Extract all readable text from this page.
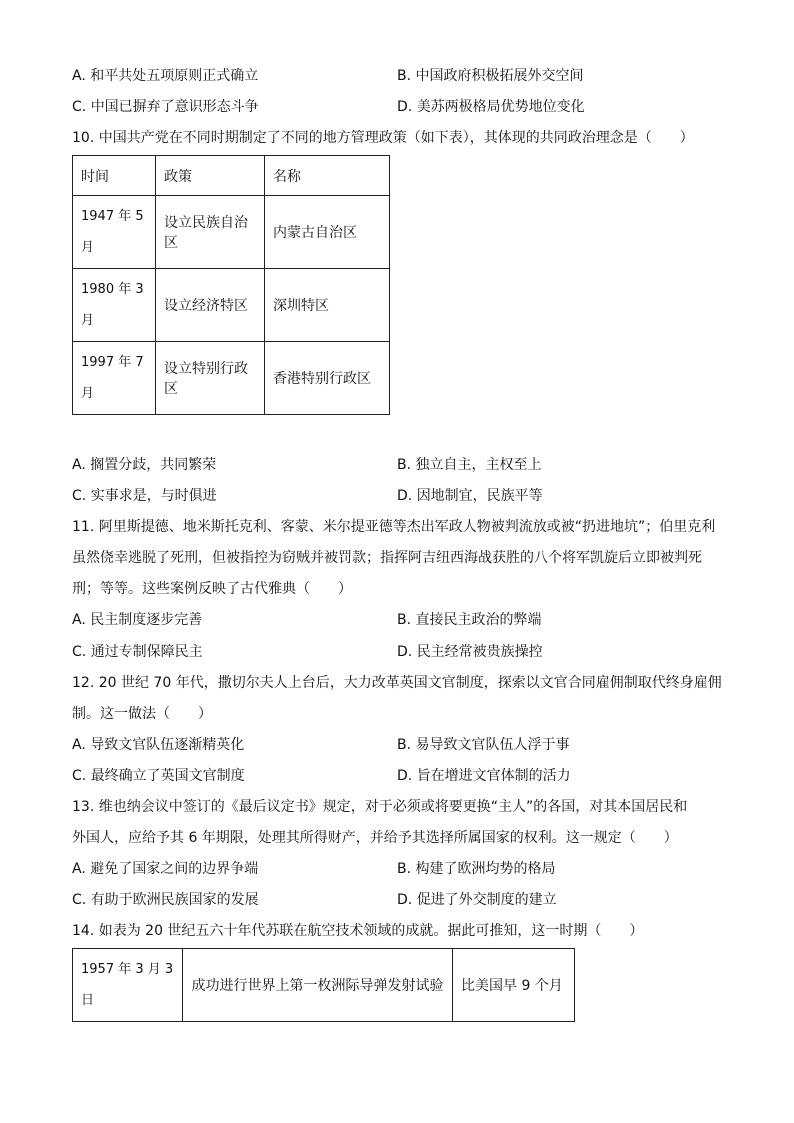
A. 和平共处五项原则正式确立	B. 中国政府积极拓展外交空间
C. 中国已摒弃了意识形态斗争	D. 美苏两极格局优势地位变化
10. 中国共产党在不同时期制定了不同的地方管理政策（如下表），其体现的共同政治理念是（　　）
时间	政策	名称
1947 年 5 月	设立民族自治区	内蒙古自治区
1980 年 3 月	设立经济特区	深圳特区
1997 年 7 月	设立特别行政区	香港特别行政区
A. 搁置分歧，共同繁荣	B. 独立自主，主权至上
C. 实事求是，与时俱进	D. 因地制宜，民族平等
11. 阿里斯提德、地米斯托克利、客蒙、米尔提亚德等杰出军政人物被判流放或被“扔进地坑”；伯里克利
虽然侥幸逃脱了死刑，但被指控为窃贼并被罚款；指挥阿吉纽西海战获胜的八个将军凯旋后立即被判死
刑；等等。这些案例反映了古代雅典（　　）
A. 民主制度逐步完善	B. 直接民主政治的弊端
C. 通过专制保障民主	D. 民主经常被贵族操控
12. 20 世纪 70 年代，撒切尔夫人上台后，大力改革英国文官制度，探索以文官合同雇佣制取代终身雇佣
制。这一做法（　　）
A. 导致文官队伍逐渐精英化	B. 易导致文官队伍人浮于事
C. 最终确立了英国文官制度	D. 旨在增进文官体制的活力
13. 维也纳会议中签订的《最后议定书》规定，对于必须或将要更换“主人”的各国，对其本国居民和
外国人，应给予其 6 年期限，处理其所得财产，并给予其选择所属国家的权利。这一规定（　　）
A. 避免了国家之间的边界争端	B. 构建了欧洲均势的格局
C. 有助于欧洲民族国家的发展	D. 促进了外交制度的建立
14. 如表为 20 世纪五六十年代苏联在航空技术领域的成就。据此可推知，这一时期（　　）
1957 年 3 月 3 日	成功进行世界上第一枚洲际导弹发射试验	比美国早 9 个月
